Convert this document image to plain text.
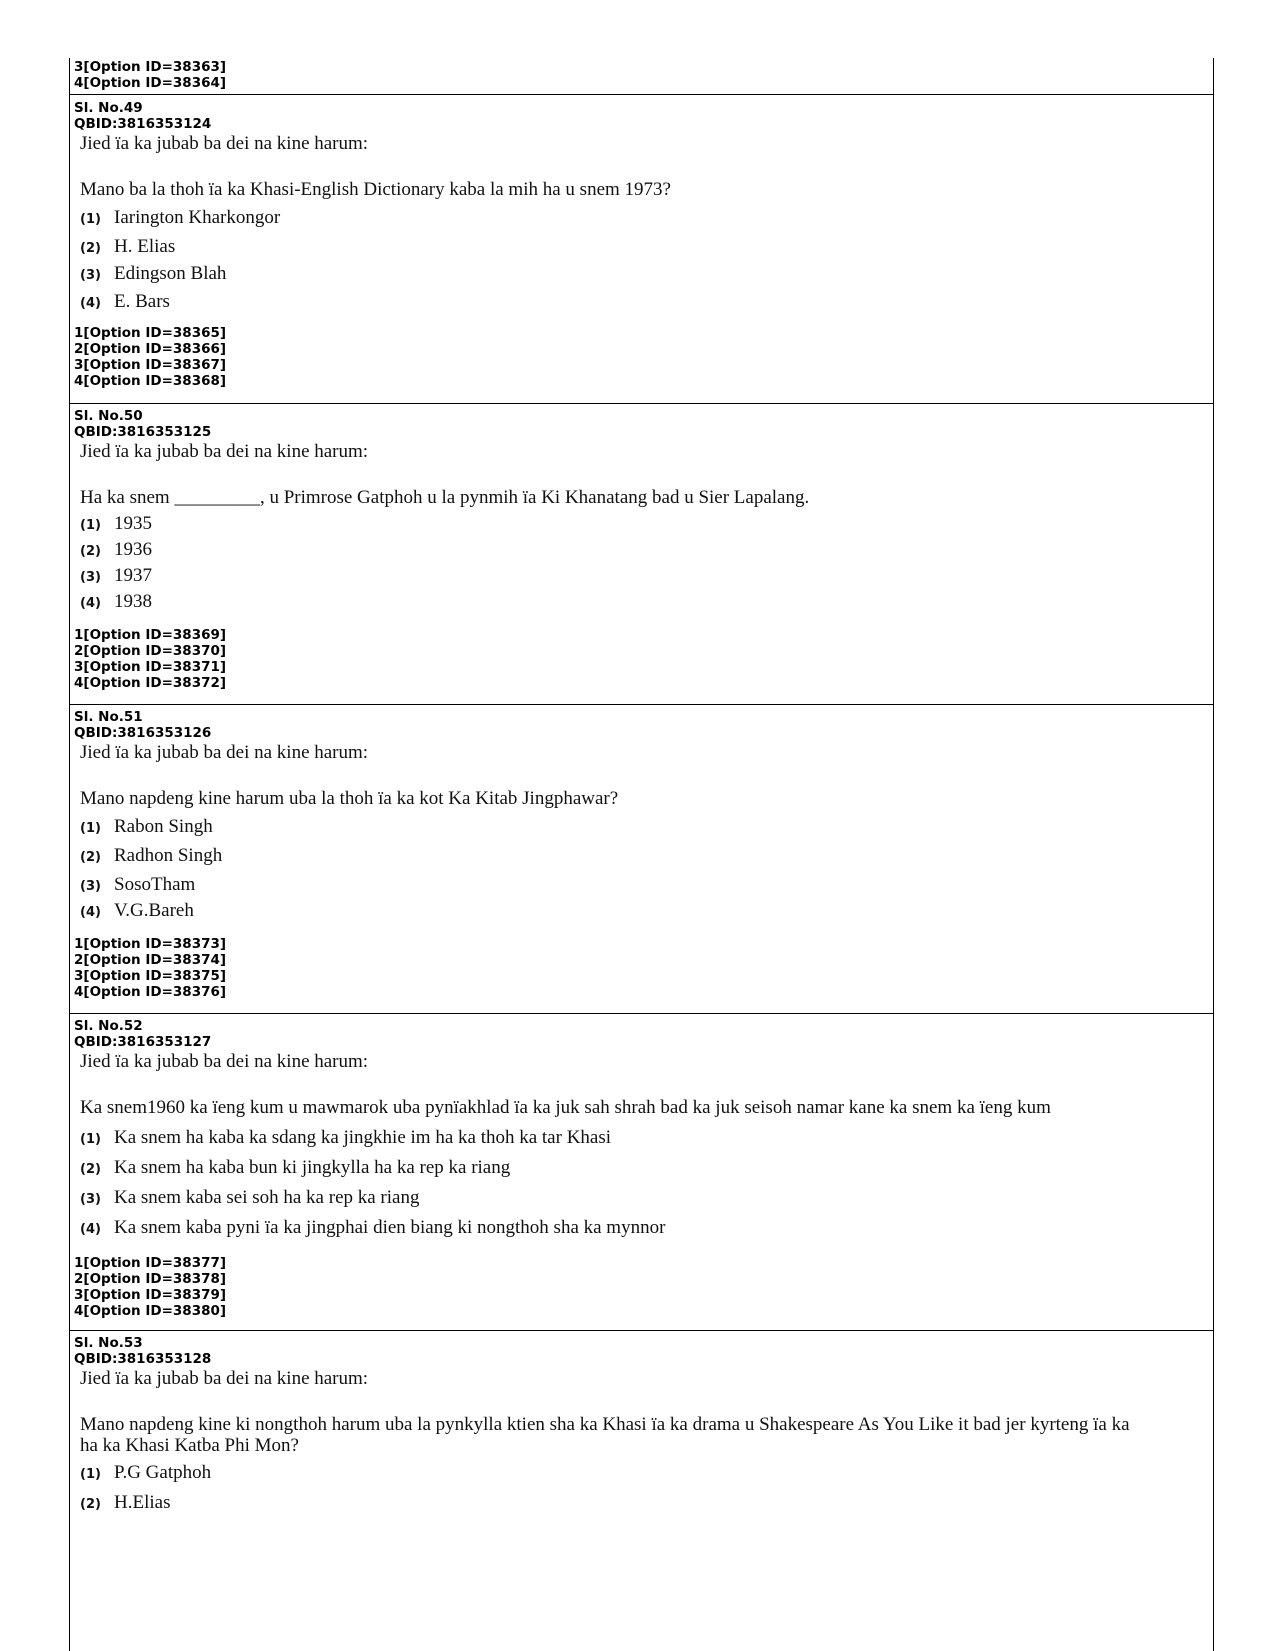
3[Option ID=38363]
4[Option ID=38364]
Sl. No.49
QBID:3816353124
Jied ïa ka jubab ba dei na kine harum:
Mano ba la thoh ïa ka Khasi-English Dictionary kaba la mih ha u snem 1973?
(1) Iarington Kharkongor
(2) H. Elias
(3) Edingson Blah
(4) E. Bars
1[Option ID=38365]
2[Option ID=38366]
3[Option ID=38367]
4[Option ID=38368]
Sl. No.50
QBID:3816353125
Jied ïa ka jubab ba dei na kine harum:
Ha ka snem _________, u Primrose Gatphoh u la pynmih ïa Ki Khanatang bad u Sier Lapalang.
(1) 1935
(2) 1936
(3) 1937
(4) 1938
1[Option ID=38369]
2[Option ID=38370]
3[Option ID=38371]
4[Option ID=38372]
Sl. No.51
QBID:3816353126
Jied ïa ka jubab ba dei na kine harum:
Mano napdeng kine harum uba la thoh ïa ka kot Ka Kitab Jingphawar?
(1) Rabon Singh
(2) Radhon Singh
(3) SosoTham
(4) V.G.Bareh
1[Option ID=38373]
2[Option ID=38374]
3[Option ID=38375]
4[Option ID=38376]
Sl. No.52
QBID:3816353127
Jied ïa ka jubab ba dei na kine harum:
Ka snem1960 ka ïeng kum u mawmarok uba pynïakhlad ïa ka juk sah shrah bad ka juk seisoh namar kane ka snem ka ïeng kum
(1) Ka snem ha kaba ka sdang ka jingkhie im ha ka thoh ka tar Khasi
(2) Ka snem ha kaba bun ki jingkylla ha ka rep ka riang
(3) Ka snem kaba sei soh ha ka rep ka riang
(4) Ka snem kaba pyni ïa ka jingphai dien biang ki nongthoh sha ka mynnor
1[Option ID=38377]
2[Option ID=38378]
3[Option ID=38379]
4[Option ID=38380]
Sl. No.53
QBID:3816353128
Jied ïa ka jubab ba dei na kine harum:
Mano napdeng kine ki nongthoh harum uba la pynkylla ktien sha ka Khasi ïa ka drama u Shakespeare As You Like it bad jer kyrteng ïa ka ha ka Khasi Katba Phi Mon?
(1) P.G Gatphoh
(2) H.Elias
